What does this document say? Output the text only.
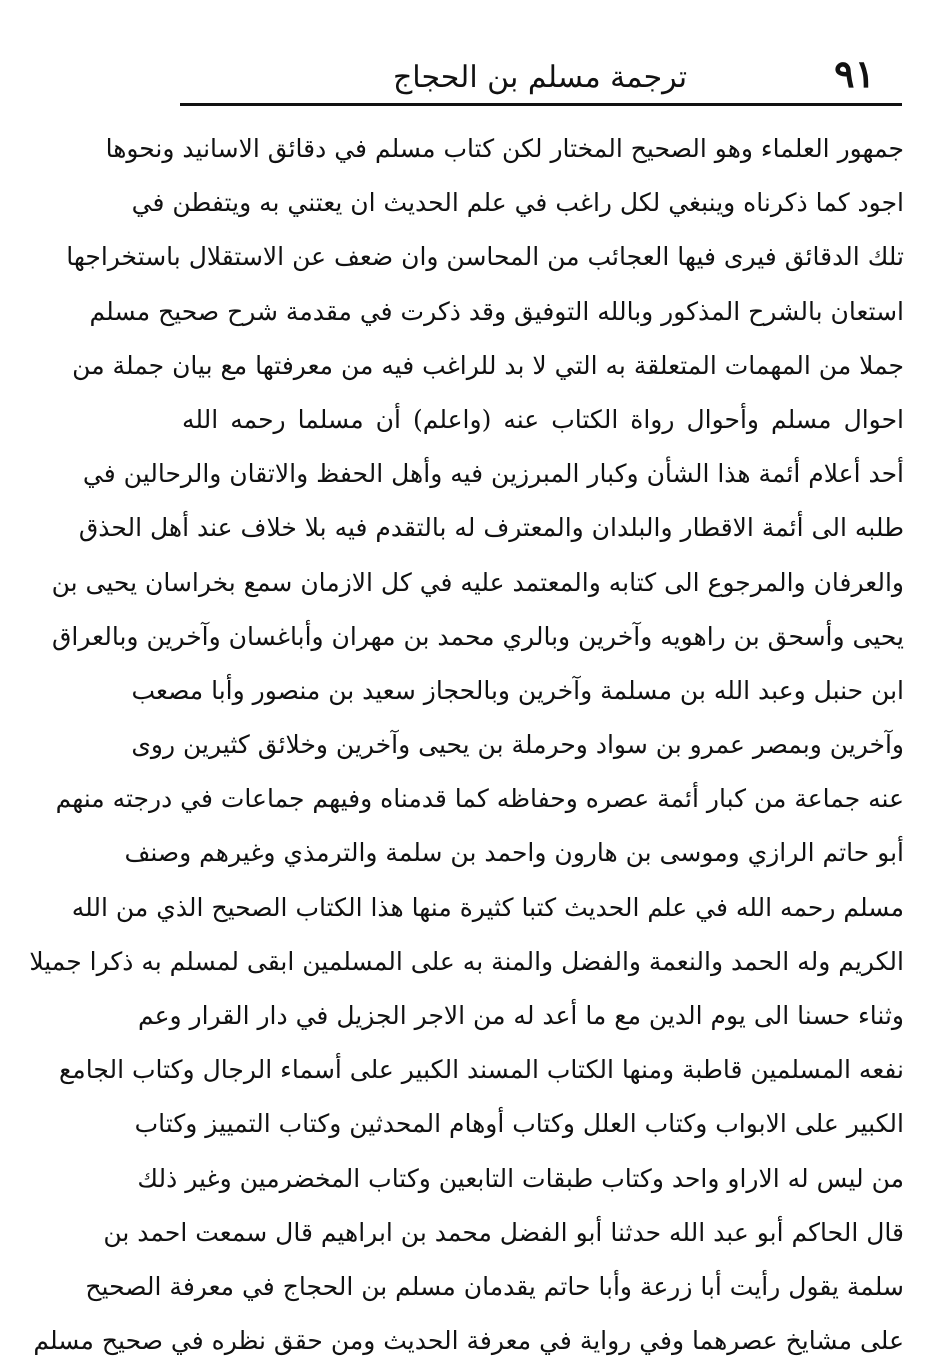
٩١
ترجمة مسلم بن الحجاج
جمهور العلماء وهو الصحيح المختار لكن كتاب مسلم في دقائق الاسانيد ونحوها
اجود كما ذكرناه وينبغي لكل راغب في علم الحديث ان يعتني به ويتفطن في
تلك الدقائق فيرى فيها العجائب من المحاسن وان ضعف عن الاستقلال باستخراجها
استعان بالشرح المذكور وبالله التوفيق وقد ذكرت في مقدمة شرح صحيح مسلم
جملا من المهمات المتعلقة به التي لا بد للراغب فيه من معرفتها مع بيان جملة من
احوال مسلم وأحوال رواة الكتاب عنه (واعلم) أن مسلما رحمه الله
أحد أعلام أئمة هذا الشأن وكبار المبرزين فيه وأهل الحفظ والاتقان والرحالين في
طلبه الى أئمة الاقطار والبلدان والمعترف له بالتقدم فيه بلا خلاف عند أهل الحذق
والعرفان والمرجوع الى كتابه والمعتمد عليه في كل الازمان سمع بخراسان يحيى بن
يحيى وأسحق بن راهويه وآخرين وبالري محمد بن مهران وأباغسان وآخرين وبالعراق
ابن حنبل وعبد الله بن مسلمة وآخرين وبالحجاز سعيد بن منصور وأبا مصعب
وآخرين وبمصر عمرو بن سواد وحرملة بن يحيى وآخرين وخلائق كثيرين روى
عنه جماعة من كبار أئمة عصره وحفاظه كما قدمناه وفيهم جماعات في درجته منهم
أبو حاتم الرازي وموسى بن هارون واحمد بن سلمة والترمذي وغيرهم وصنف
مسلم رحمه الله في علم الحديث كتبا كثيرة منها هذا الكتاب الصحيح الذي من الله
الكريم وله الحمد والنعمة والفضل والمنة به على المسلمين ابقى لمسلم به ذكرا جميلا
وثناء حسنا الى يوم الدين مع ما أعد له من الاجر الجزيل في دار القرار وعم
نفعه المسلمين قاطبة ومنها الكتاب المسند الكبير على أسماء الرجال وكتاب الجامع
الكبير على الابواب وكتاب العلل وكتاب أوهام المحدثين وكتاب التمييز وكتاب
من ليس له الاراو واحد وكتاب طبقات التابعين وكتاب المخضرمين وغير ذلك
قال الحاكم أبو عبد الله حدثنا أبو الفضل محمد بن ابراهيم قال سمعت احمد بن
سلمة يقول رأيت أبا زرعة وأبا حاتم يقدمان مسلم بن الحجاج في معرفة الصحيح
على مشايخ عصرهما وفي رواية في معرفة الحديث ومن حقق نظره في صحيح مسلم
